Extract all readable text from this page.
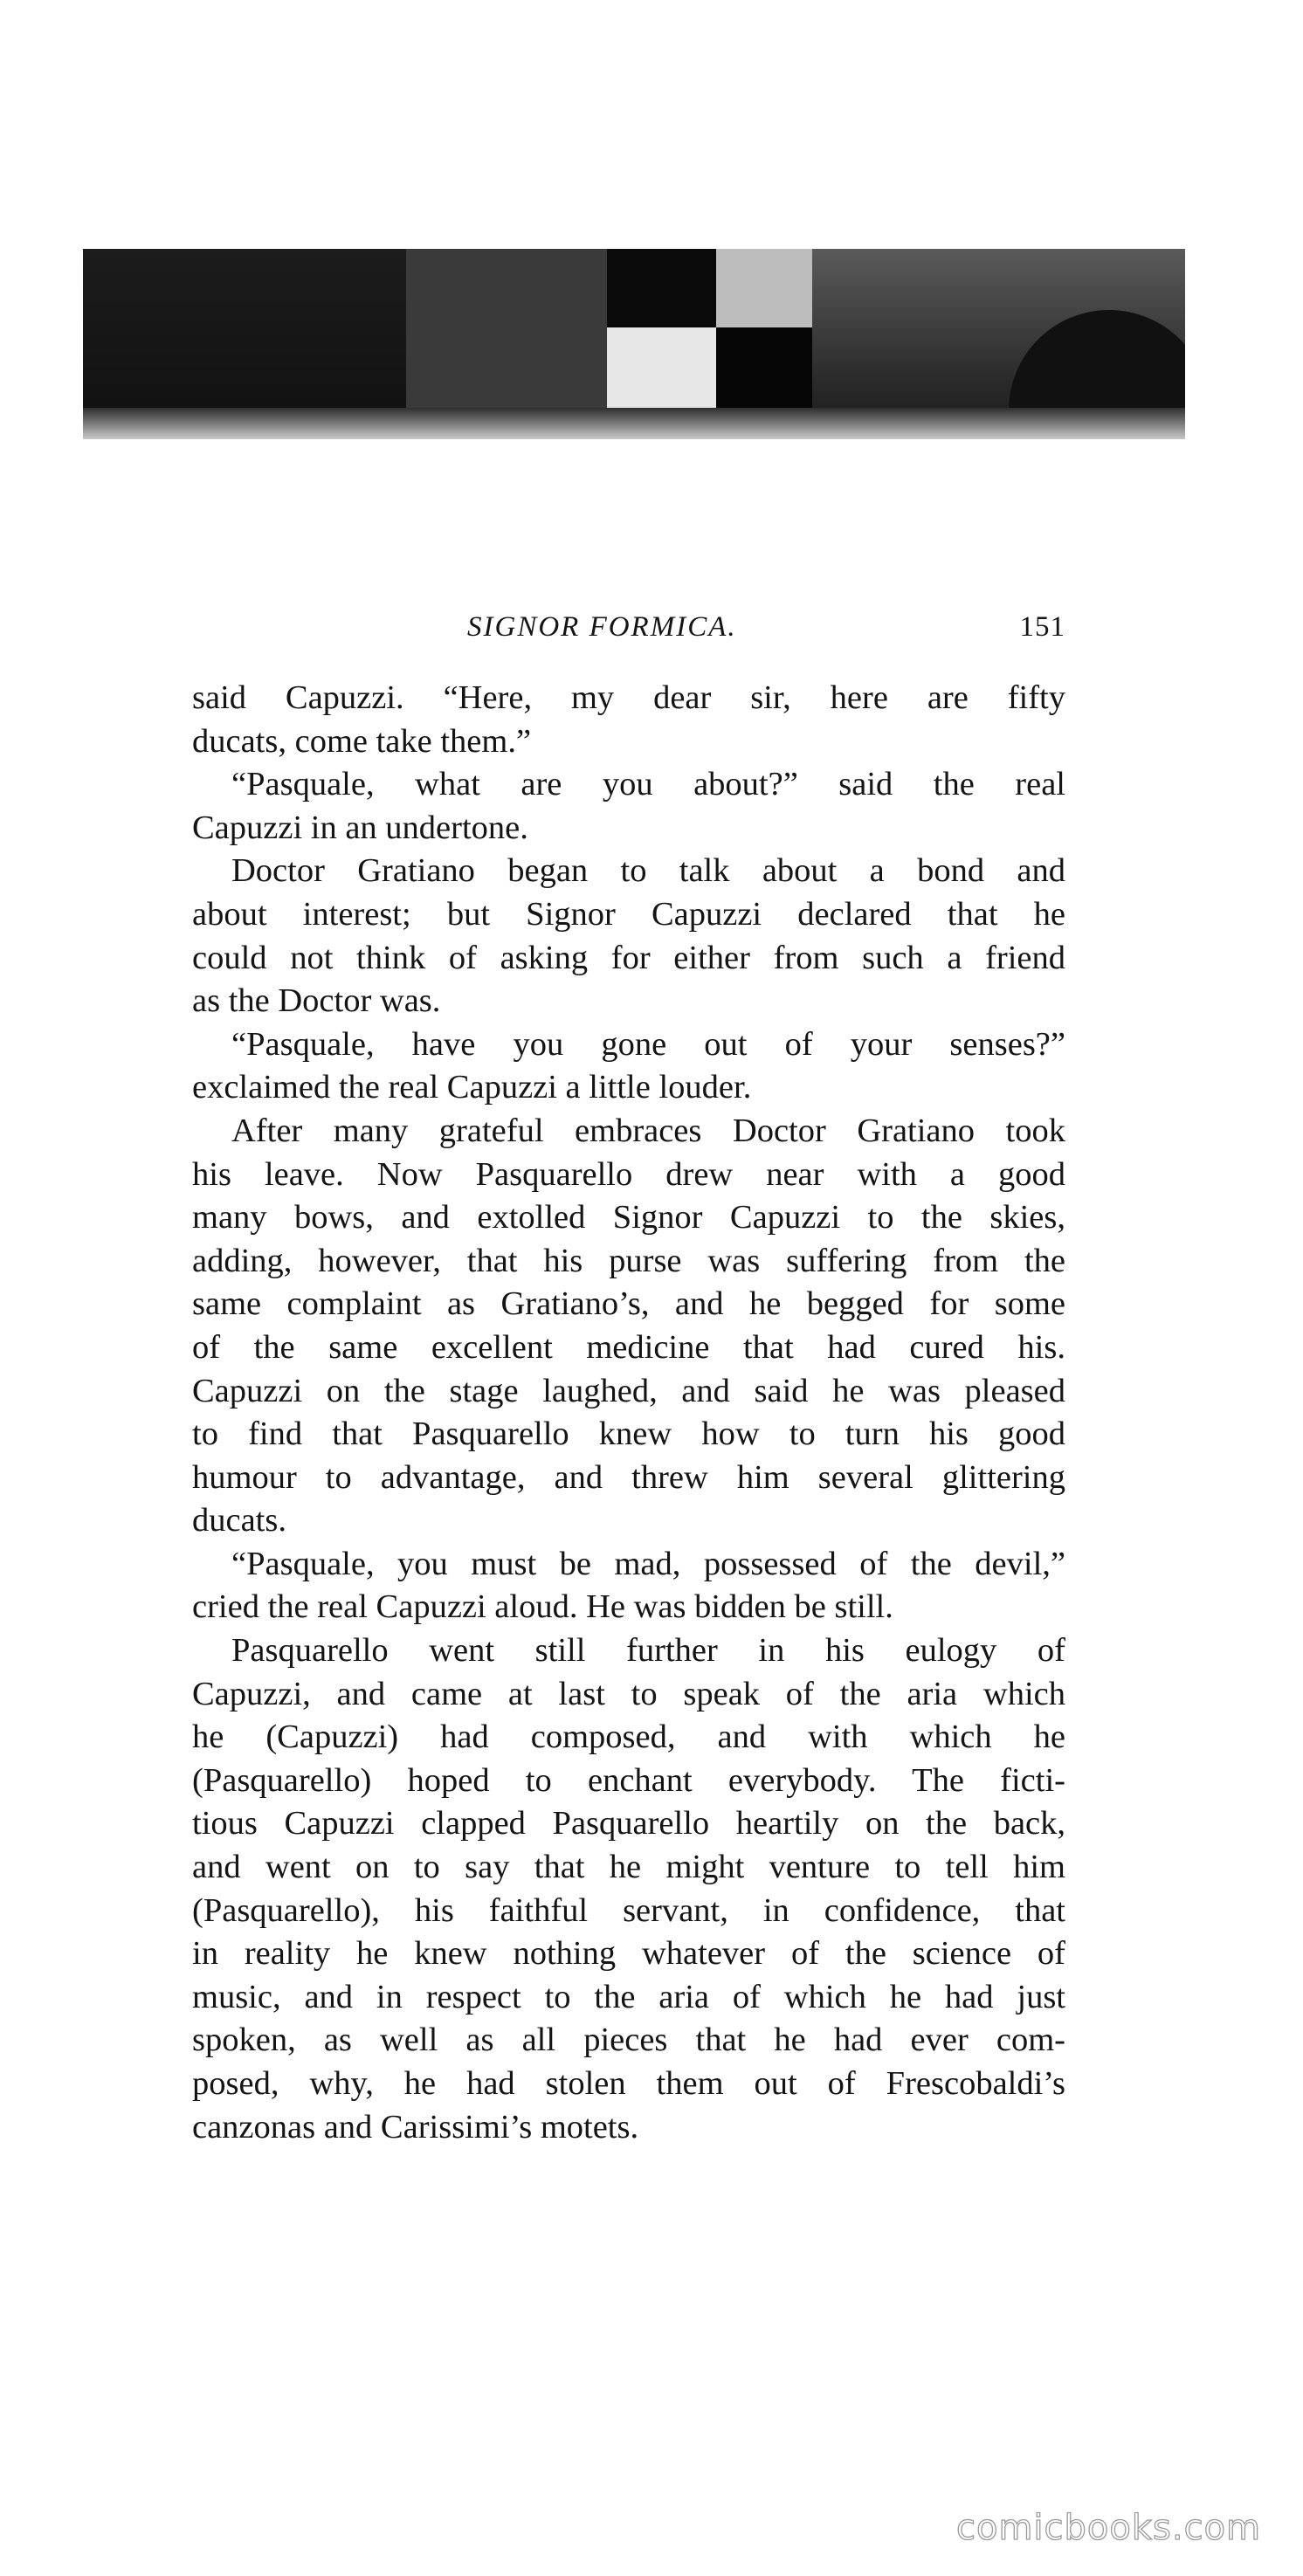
SIGNOR FORMICA.	151

said Capuzzi. “Here, my dear sir, here are fifty

ducats, come take them.”

“Pasquale, what are you about?” said the real

Capuzzi in an undertone.

Doctor Gratiano began to talk about a bond and

about interest; but Signor Capuzzi declared that he

could not think of asking for either from such a friend

as the Doctor was.

“Pasquale, have you gone out of your senses?”

exclaimed the real Capuzzi a little louder.

After many grateful embraces Doctor Gratiano took

his leave. Now Pasquarello drew near with a good

many bows, and extolled Signor Capuzzi to the skies,

adding, however, that his purse was suffering from the

same complaint as Gratiano’s, and he begged for some

of the same excellent medicine that had cured his.

Capuzzi on the stage laughed, and said he was pleased

to find that Pasquarello knew how to turn his good

humour to advantage, and threw him several glittering

ducats.

“Pasquale, you must be mad, possessed of the devil,”

cried the real Capuzzi aloud. He was bidden be still.

Pasquarello went still further in his eulogy of

Capuzzi, and came at last to speak of the aria which

he (Capuzzi) had composed, and with which he

(Pasquarello) hoped to enchant everybody. The ficti-

tious Capuzzi clapped Pasquarello heartily on the back,

and went on to say that he might venture to tell him

(Pasquarello), his faithful servant, in confidence, that

in reality he knew nothing whatever of the science of

music, and in respect to the aria of which he had just

spoken, as well as all pieces that he had ever com-

posed, why, he had stolen them out of Frescobaldi’s

canzonas and Carissimi’s motets.

comicbooks.com
